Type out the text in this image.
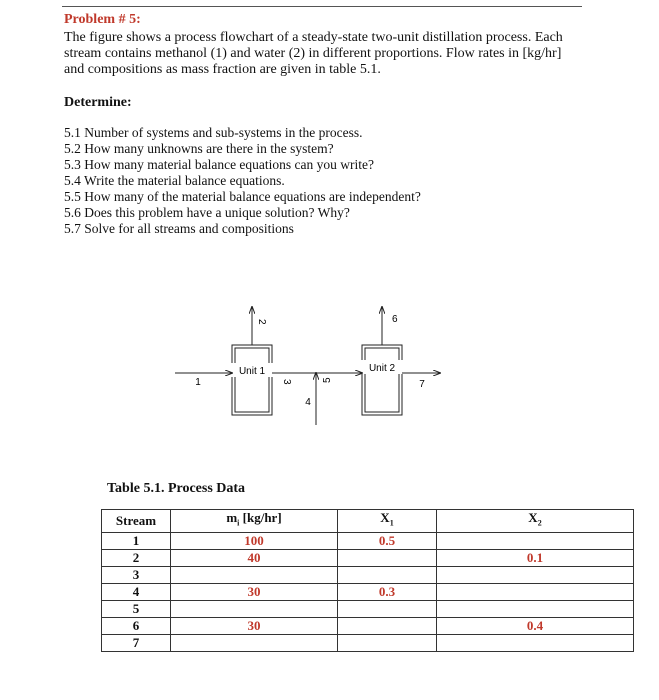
Problem # 5:
The figure shows a process flowchart of a steady-state two-unit distillation process. Each stream contains methanol (1) and water (2) in different proportions. Flow rates in [kg/hr] and compositions as mass fraction are given in table 5.1.
Determine:
5.1 Number of systems and sub-systems in the process.
5.2 How many unknowns are there in the system?
5.3 How many material balance equations can you write?
5.4 Write the material balance equations.
5.5 How many of the material balance equations are independent?
5.6 Does this problem have a unique solution? Why?
5.7 Solve for all streams and compositions
Unit 1	Unit 2
1
2
3
4
5
6
7
Table 5.1. Process Data
Stream	$m_i$ [kg/hr]	$X_1$	$X_2$
1	100	0.5	
2	40		0.1
3			
4	30	0.3	
5			
6	30		0.4
7			
